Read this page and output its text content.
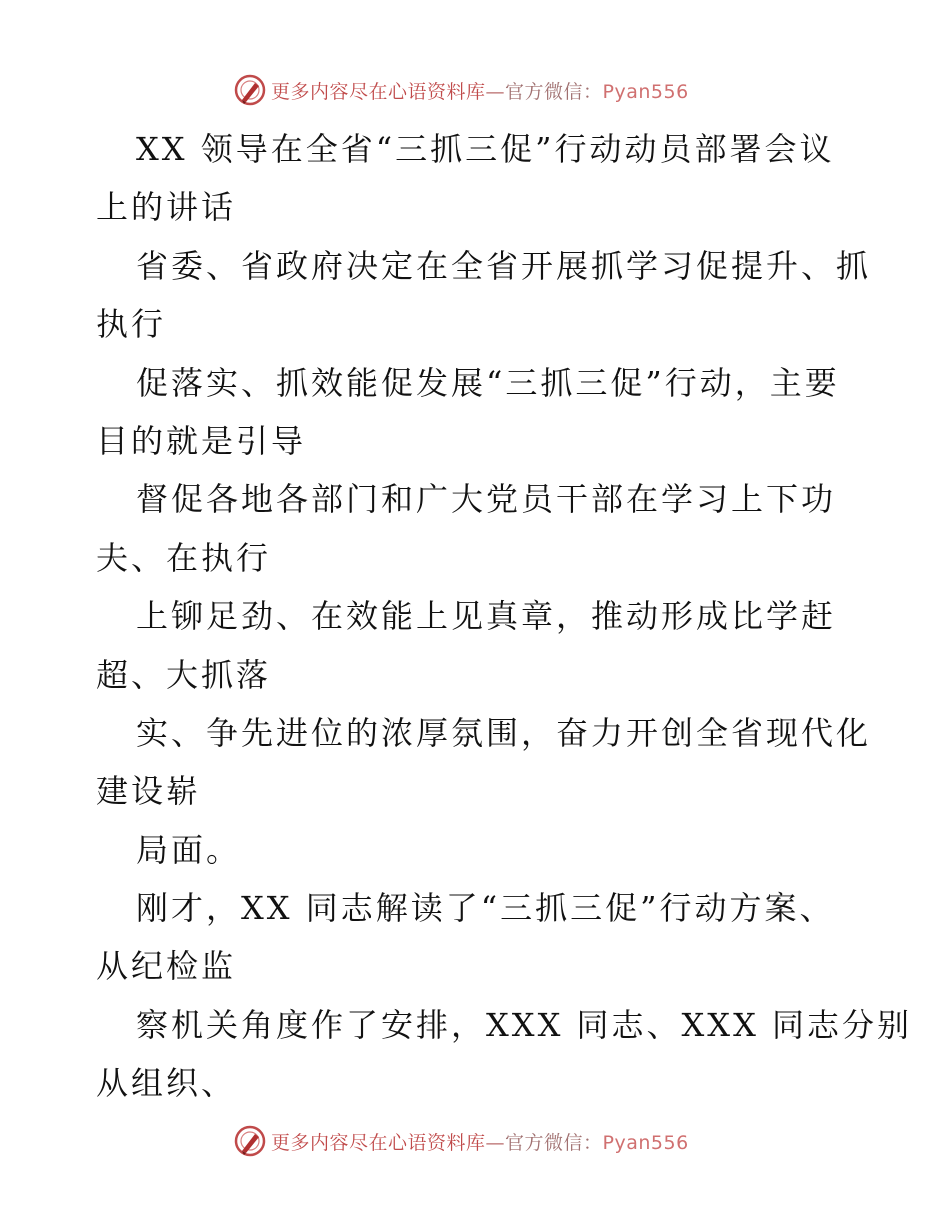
更多内容尽在心语资料库—官方微信：Pyan556
XX 领导在全省“三抓三促”行动动员部署会议
上的讲话
省委、省政府决定在全省开展抓学习促提升、抓
执行
促落实、抓效能促发展“三抓三促”行动，主要
目的就是引导
督促各地各部门和广大党员干部在学习上下功
夫、在执行
上铆足劲、在效能上见真章，推动形成比学赶
超、大抓落
实、争先进位的浓厚氛围，奋力开创全省现代化
建设崭
局面。
刚才，XX 同志解读了“三抓三促”行动方案、
从纪检监
察机关角度作了安排，XXX 同志、XXX 同志分别
从组织、
更多内容尽在心语资料库—官方微信：Pyan556
